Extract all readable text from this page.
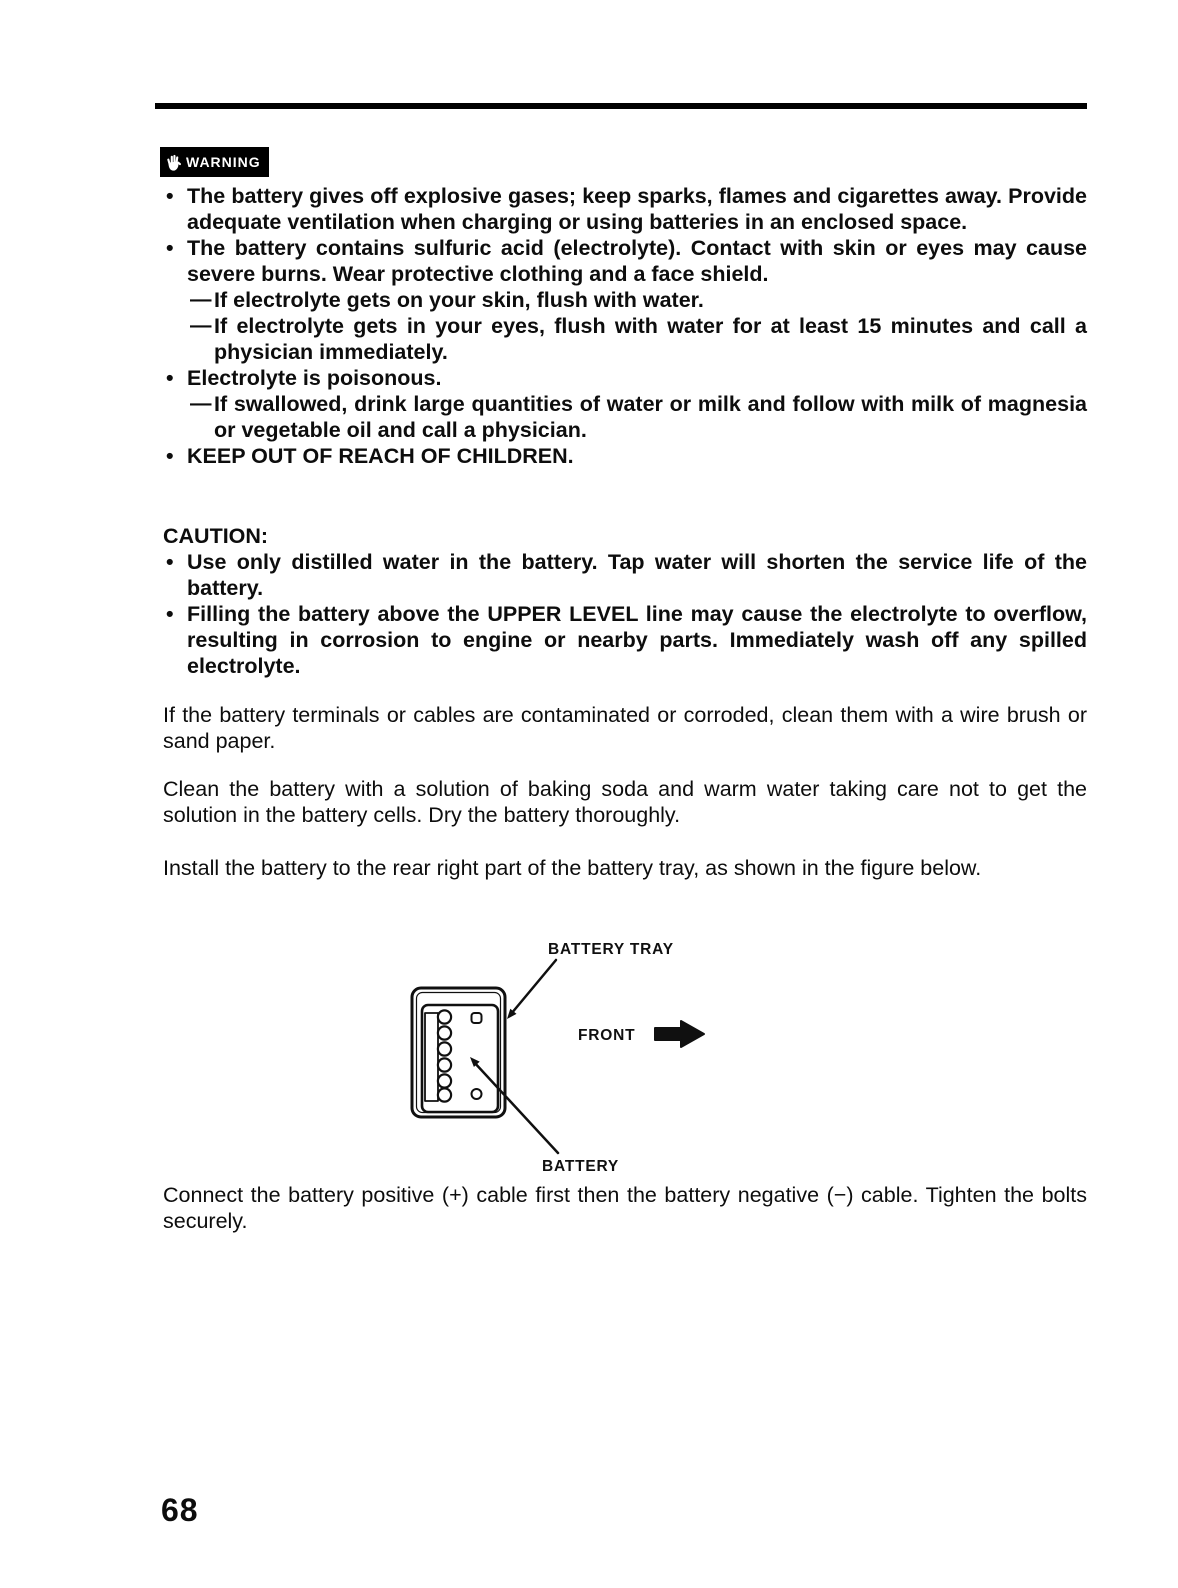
WARNING
• The battery gives off explosive gases; keep sparks, flames and cigarettes away. Provide adequate ventilation when charging or using batteries in an enclosed space.
• The battery contains sulfuric acid (electrolyte). Contact with skin or eyes may cause severe burns. Wear protective clothing and a face shield.
— If electrolyte gets on your skin, flush with water.
— If electrolyte gets in your eyes, flush with water for at least 15 minutes and call a physician immediately.
• Electrolyte is poisonous.
— If swallowed, drink large quantities of water or milk and follow with milk of magnesia or vegetable oil and call a physician.
• KEEP OUT OF REACH OF CHILDREN.
CAUTION:
• Use only distilled water in the battery. Tap water will shorten the service life of the battery.
• Filling the battery above the UPPER LEVEL line may cause the electrolyte to overflow, resulting in corrosion to engine or nearby parts. Immediately wash off any spilled electrolyte.
If the battery terminals or cables are contaminated or corroded, clean them with a wire brush or sand paper.
Clean the battery with a solution of baking soda and warm water taking care not to get the solution in the battery cells. Dry the battery thoroughly.
Install the battery to the rear right part of the battery tray, as shown in the figure below.
BATTERY TRAY
FRONT
BATTERY
Connect the battery positive (+) cable first then the battery negative (−) cable. Tighten the bolts securely.
68
